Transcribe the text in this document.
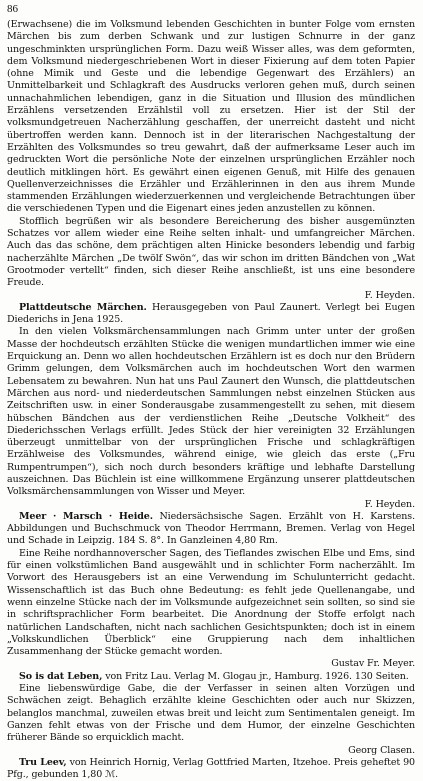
86

(Erwachsene) die im Volksmund lebenden Geschichten in bunter Folge vom ernsten Märchen bis zum derben Schwank und zur lustigen Schnurre in der ganz ungeschminkten ursprünglichen Form. Dazu weiß Wisser alles, was dem geformten, dem Volksmund niedergeschriebenen Wort in dieser Fixierung auf dem toten Papier (ohne Mimik und Geste und die lebendige Gegenwart des Erzählers) an Unmittelbarkeit und Schlagkraft des Ausdrucks verloren gehen muß, durch seinen unnachahmlichen lebendigen, ganz in die Situation und Illusion des mündlichen Erzählens versetzenden Erzählstil voll zu ersetzen. Hier ist der Stil der volksmundgetreuen Nacherzählung geschaffen, der unerreicht dasteht und nicht übertroffen werden kann. Dennoch ist in der literarischen Nachgestaltung der Erzählten des Volksmundes so treu gewahrt, daß der aufmerksame Leser auch im gedruckten Wort die persönliche Note der einzelnen ursprünglichen Erzähler noch deutlich mitklingen hört. Es gewährt einen eigenen Genuß, mit Hilfe des genauen Quellenverzeichnisses die Erzähler und Erzählerinnen in den aus ihrem Munde stammenden Erzählungen wiederzuerkennen und vergleichende Betrachtungen über die verschiedenen Typen und die Eigenart eines jeden anzustellen zu können.

Stofflich begrüßen wir als besondere Bereicherung des bisher ausgemünzten Schatzes vor allem wieder eine Reihe selten inhalt- und umfangreicher Märchen. Auch das das schöne, dem prächtigen alten Hinicke besonders lebendig und farbig nacherzählte Märchen „De twölf Swön“, das wir schon im dritten Bändchen von „Wat Grootmoder vertellt“ finden, sich dieser Reihe anschließt, ist uns eine besondere Freude.

F. Heyden.

Plattdeutsche Märchen. Herausgegeben von Paul Zaunert. Verlegt bei Eugen Diederichs in Jena 1925.

In den vielen Volksmärchensammlungen nach Grimm unter unter der großen Masse der hochdeutsch erzählten Stücke die wenigen mundartlichen immer wie eine Erquickung an. Denn wo allen hochdeutschen Erzählern ist es doch nur den Brüdern Grimm gelungen, dem Volksmärchen auch im hochdeutschen Wort den warmen Lebensatem zu bewahren. Nun hat uns Paul Zaunert den Wunsch, die plattdeutschen Märchen aus nord- und niederdeutschen Sammlungen nebst einzelnen Stücken aus Zeitschriften usw. in einer Sonderausgabe zusammengestellt zu sehen, mit diesem hübschen Bändchen aus der verdienstlichen Reihe „Deutsche Volkheit“ des Diederichsschen Verlags erfüllt. Jedes Stück der hier vereinigten 32 Erzählungen überzeugt unmittelbar von der ursprünglichen Frische und schlagkräftigen Erzählweise des Volksmundes, während einige, wie gleich das erste („Fru Rumpentrumpen“), sich noch durch besonders kräftige und lebhafte Darstellung auszeichnen. Das Büchlein ist eine willkommene Ergänzung unserer plattdeutschen Volksmärchensammlungen von Wisser und Meyer.

F. Heyden.

Meer · Marsch · Heide. Niedersächsische Sagen. Erzählt von H. Karstens. Abbildungen und Buchschmuck von Theodor Herrmann, Bremen. Verlag von Hegel und Schade in Leipzig. 184 S. 8°. In Ganzleinen 4,80 Rm.

Eine Reihe nordhannoverscher Sagen, des Tieflandes zwischen Elbe und Ems, sind für einen volkstümlichen Band ausgewählt und in schlichter Form nacherzählt. Im Vorwort des Herausgebers ist an eine Verwendung im Schulunterricht gedacht. Wissenschaftlich ist das Buch ohne Bedeutung: es fehlt jede Quellenangabe, und wenn einzelne Stücke nach der im Volksmunde aufgezeichnet sein sollten, so sind sie in schriftsprachlicher Form bearbeitet. Die Anordnung der Stoffe erfolgt nach natürlichen Landschaften, nicht nach sachlichen Gesichtspunkten; doch ist in einem „Volkskundlichen Überblick“ eine Gruppierung nach dem inhaltlichen Zusammenhang der Stücke gemacht worden.

Gustav Fr. Meyer.

So is dat Leben, von Fritz Lau. Verlag M. Glogau jr., Hamburg. 1926. 130 Seiten.

Eine liebenswürdige Gabe, die der Verfasser in seinen alten Vorzügen und Schwächen zeigt. Behaglich erzählte kleine Geschichten oder auch nur Skizzen, belanglos manchmal, zuweilen etwas breit und leicht zum Sentimentalen geneigt. Im Ganzen fehlt etwas von der Frische und dem Humor, der einzelne Geschichten früherer Bände so erquicklich macht.

Georg Clasen.

Tru Leev, von Heinrich Hornig, Verlag Gottfried Marten, Itzehoe. Preis geheftet 90 Pfg., gebunden 1,80 ℳ.
